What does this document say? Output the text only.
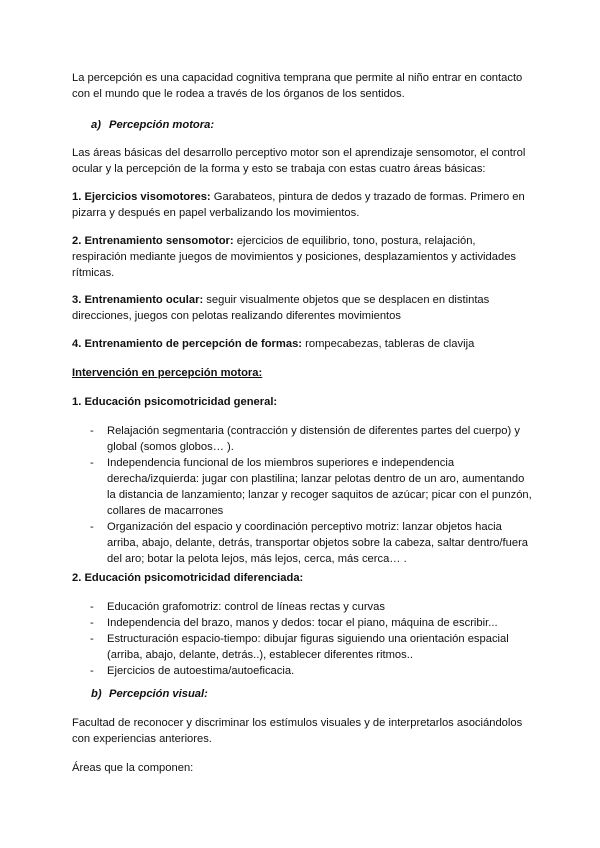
La percepción es una capacidad cognitiva temprana que permite al niño entrar en contacto con el mundo que le rodea a través de los órganos de los sentidos.

a) Percepción motora:

Las áreas básicas del desarrollo perceptivo motor son el aprendizaje sensomotor, el control ocular y la percepción de la forma y esto se trabaja con estas cuatro áreas básicas:

1. Ejercicios visomotores: Garabateos, pintura de dedos y trazado de formas. Primero en pizarra y después en papel verbalizando los movimientos.

2. Entrenamiento sensomotor: ejercicios de equilibrio, tono, postura, relajación, respiración mediante juegos de movimientos y posiciones, desplazamientos y actividades rítmicas.

3. Entrenamiento ocular: seguir visualmente objetos que se desplacen en distintas direcciones, juegos con pelotas realizando diferentes movimientos

4. Entrenamiento de percepción de formas: rompecabezas, tableras de clavija

Intervención en percepción motora:

1. Educación psicomotricidad general:

- Relajación segmentaria (contracción y distensión de diferentes partes del cuerpo) y global (somos globos… ).
- Independencia funcional de los miembros superiores e independencia derecha/izquierda: jugar con plastilina; lanzar pelotas dentro de un aro, aumentando la distancia de lanzamiento; lanzar y recoger saquitos de azúcar; picar con el punzón, collares de macarrones
- Organización del espacio y coordinación perceptivo motriz: lanzar objetos hacia arriba, abajo, delante, detrás, transportar objetos sobre la cabeza, saltar dentro/fuera del aro; botar la pelota lejos, más lejos, cerca, más cerca… .

2. Educación psicomotricidad diferenciada:

- Educación grafomotriz: control de líneas rectas y curvas
- Independencia del brazo, manos y dedos: tocar el piano, máquina de escribir...
- Estructuración espacio-tiempo: dibujar figuras siguiendo una orientación espacial (arriba, abajo, delante, detrás..), establecer diferentes ritmos..
- Ejercicios de autoestima/autoeficacia.

b) Percepción visual:

Facultad de reconocer y discriminar los estímulos visuales y de interpretarlos asociándolos con experiencias anteriores.

Áreas que la componen:
